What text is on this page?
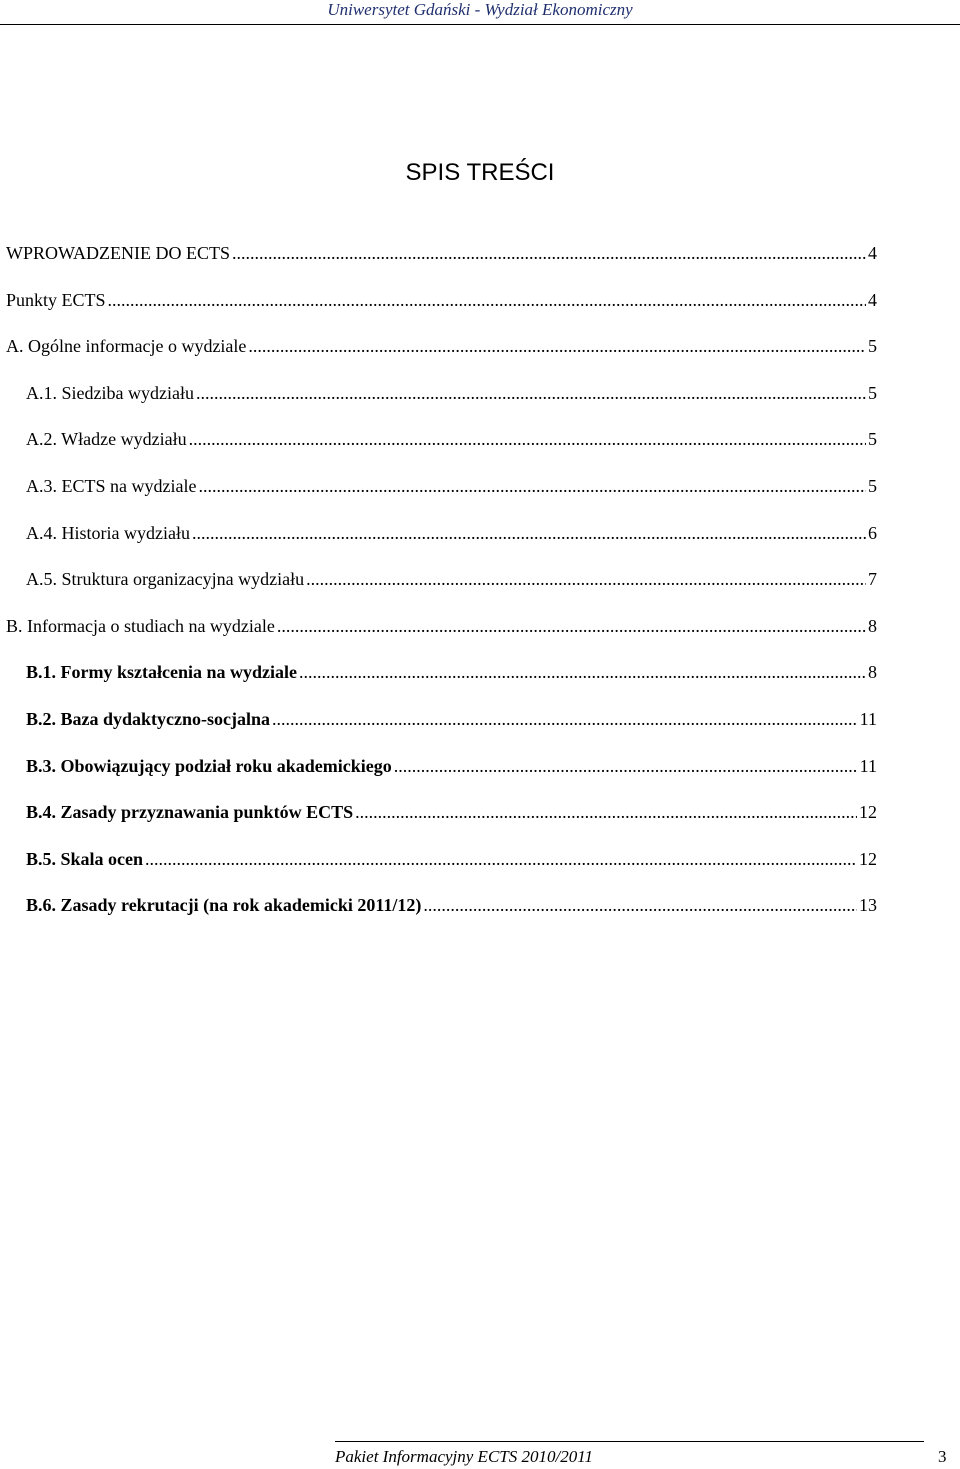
Uniwersytet Gdański - Wydział Ekonomiczny
SPIS TREŚCI
WPROWADZENIE DO ECTS .....	4
Punkty ECTS .....	4
A. Ogólne informacje o wydziale .....	5
A.1. Siedziba wydziału .....	5
A.2. Władze wydziału .....	5
A.3. ECTS na wydziale .....	5
A.4. Historia wydziału .....	6
A.5. Struktura organizacyjna wydziału .....	7
B. Informacja o studiach na wydziale .....	8
B.1. Formy kształcenia na wydziale .....	8
B.2. Baza dydaktyczno-socjalna .....	11
B.3. Obowiązujący podział roku akademickiego .....	11
B.4. Zasady przyznawania punktów ECTS .....	12
B.5. Skala ocen .....	12
B.6. Zasady rekrutacji (na rok akademicki 2011/12) .....	13
Pakiet Informacyjny ECTS 2010/2011	3
